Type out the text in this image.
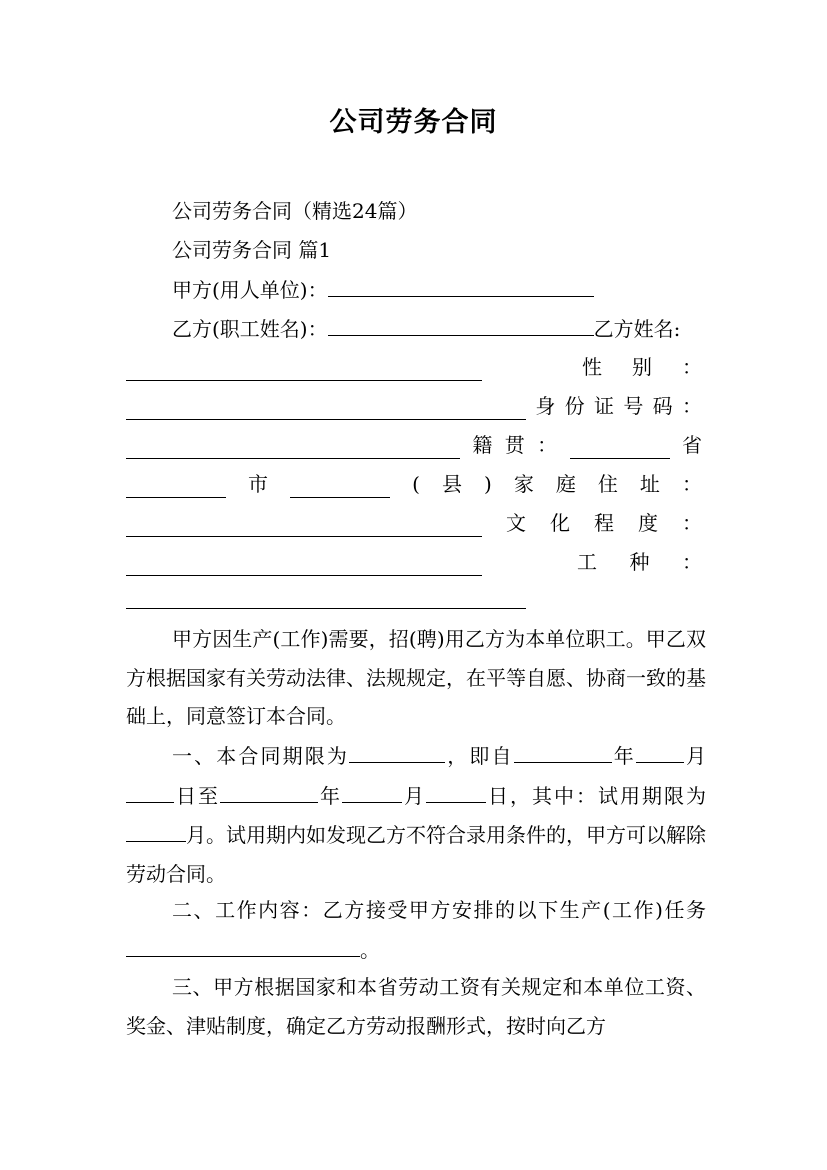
公司劳务合同
公司劳务合同（精选24篇）
公司劳务合同 篇1
甲方(用人单位)：
乙方(职工姓名)：	乙方姓名:
性 别 ：
身 份 证 号 码 ：
籍 贯 ：	省
市	( 县 ) 家 庭 住 址 ：
文 化 程 度 ：
工 种 ：
甲方因生产(工作)需要，招(聘)用乙方为本单位职工。甲乙双方根据国家有关劳动法律、法规规定，在平等自愿、协商一致的基础上，同意签订本合同。
一、本合同期限为	，即自	年 月日至	年	月	日，其中：试用期限为月。试用期内如发现乙方不符合录用条件的，甲方可以解除劳动合同。
二、工作内容：乙方接受甲方安排的以下生产(工作)任务。
三、甲方根据国家和本省劳动工资有关规定和本单位工资、奖金、津贴制度，确定乙方劳动报酬形式，按时向乙方
